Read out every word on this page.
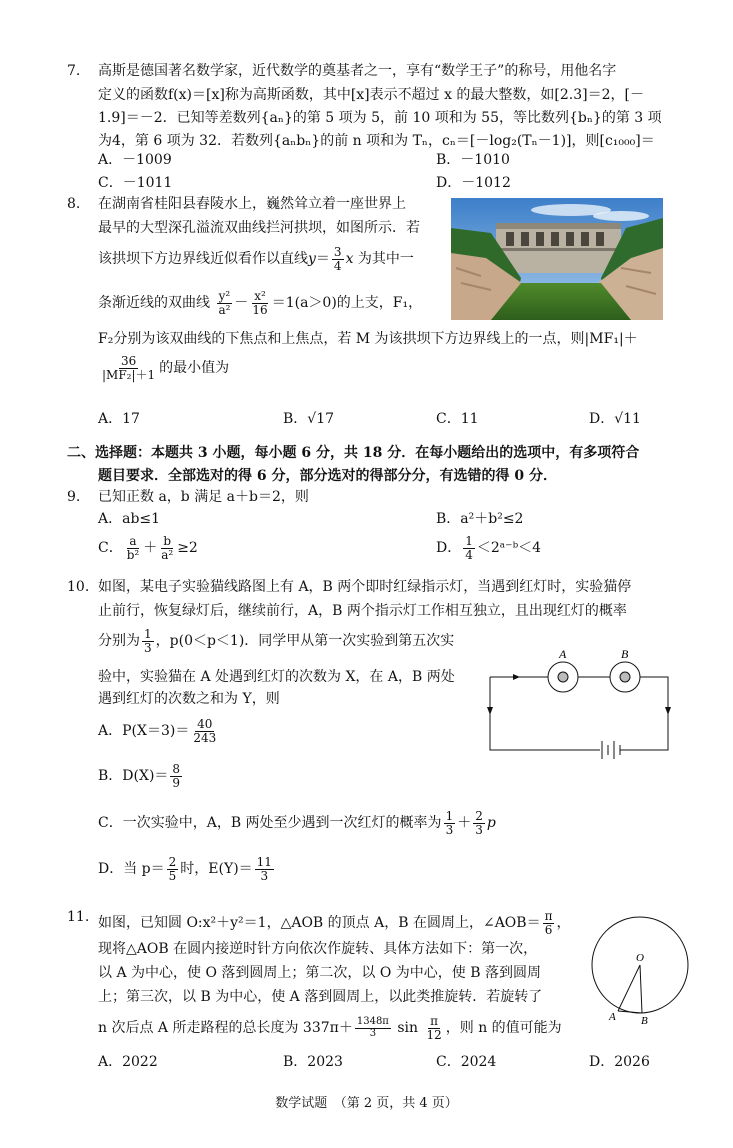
7. 高斯是德国著名数学家，近代数学的奠基者之一，享有“数学王子”的称号，用他名字
定义的函数f(x)＝[x]称为高斯函数，其中[x]表示不超过 x 的最大整数，如[2.3]＝2，[－
1.9]＝－2．已知等差数列{aₙ}的第 5 项为 5，前 10 项和为 55，等比数列{bₙ}的第 3 项
为4，第 6 项为 32．若数列{aₙbₙ}的前 n 项和为 Tₙ，cₙ＝[－log₂(Tₙ－1)]，则[c₁₀₀₀]＝
A．－1009	B．－1010
C．－1011	D．－1012
8. 在湖南省桂阳县舂陵水上，巍然耸立着一座世界上
最早的大型深孔溢流双曲线拦河拱坝，如图所示．若
该拱坝下方边界线近似看作以直线$y= \frac{3}{4}$ x 为其中一
条渐近线的双曲线 $\frac{\text{y²}}{\text{a²}} - \frac{\text{x²}}{16} =1(a>0)$的上支，F₁，
F₂分别为该双曲线的下焦点和上焦点，若 M 为该拱坝下方边界线上的一点，则|MF₁|＋
$\frac{36}{\text{|MF₂|＋1}}$ 的最小值为
A．17	B．√17	C．11	D．√11
二、选择题：本题共 3 小题，每小题 6 分，共 18 分．在每小题给出的选项中，有多项符合
题目要求．全部选对的得 6 分，部分选对的得部分分，有选错的得 0 分．
9. 已知正数 a，b 满足 a＋b＝2，则
A．ab≤1	B．a²＋b²≤2
C． $\frac{a}{\text{b²}} + \frac{b}{\text{a²}} \ge 2$	D． $\frac{1}{4}$ ＜2ᵃ⁻ᵇ＜4
10. 如图，某电子实验猫线路图上有 A，B 两个即时红绿指示灯，当遇到红灯时，实验猫停
止前行，恢复绿灯后，继续前行，A，B 两个指示灯工作相互独立，且出现红灯的概率
分别为 $\frac{1}{3}$ ，p(0＜p＜1)．同学甲从第一次实验到第五次实
验中，实验猫在 A 处遇到红灯的次数为 X，在 A，B 两处
遇到红灯的次数之和为 Y，则
A．$P(X=3)= \frac{40}{243}$
B．$D(X)= \frac{8}{9}$
C．一次实验中，A，B 两处至少遇到一次红灯的概率为 $\frac{1}{3} + \frac{2}{3}$ p
D．当 $p= \frac{2}{5}$ 时，$E(Y)= \frac{11}{3}$
A	B
11. 如图，已知圆 O:x²＋y²＝1，△AOB 的顶点 A，B 在圆周上，∠AOB＝ $\frac{\pi}{6}$ ，
现将△AOB 在圆内接逆时针方向依次作旋转、具体方法如下：第一次，
以 A 为中心，使 O 落到圆周上；第二次，以 O 为中心，使 B 落到圆周
上；第三次，以 B 为中心，使 A 落到圆周上，以此类推旋转．若旋转了
n 次后点 A 所走路程的总长度为 $337\pi+ \frac{1348\pi}{3}$ $\sin \frac{\pi}{12}$ ，则 n 的值可能为
A．2022	B．2023	C．2024	D．2026
O
A B
数学试题　（第 2 页，共 4 页）
